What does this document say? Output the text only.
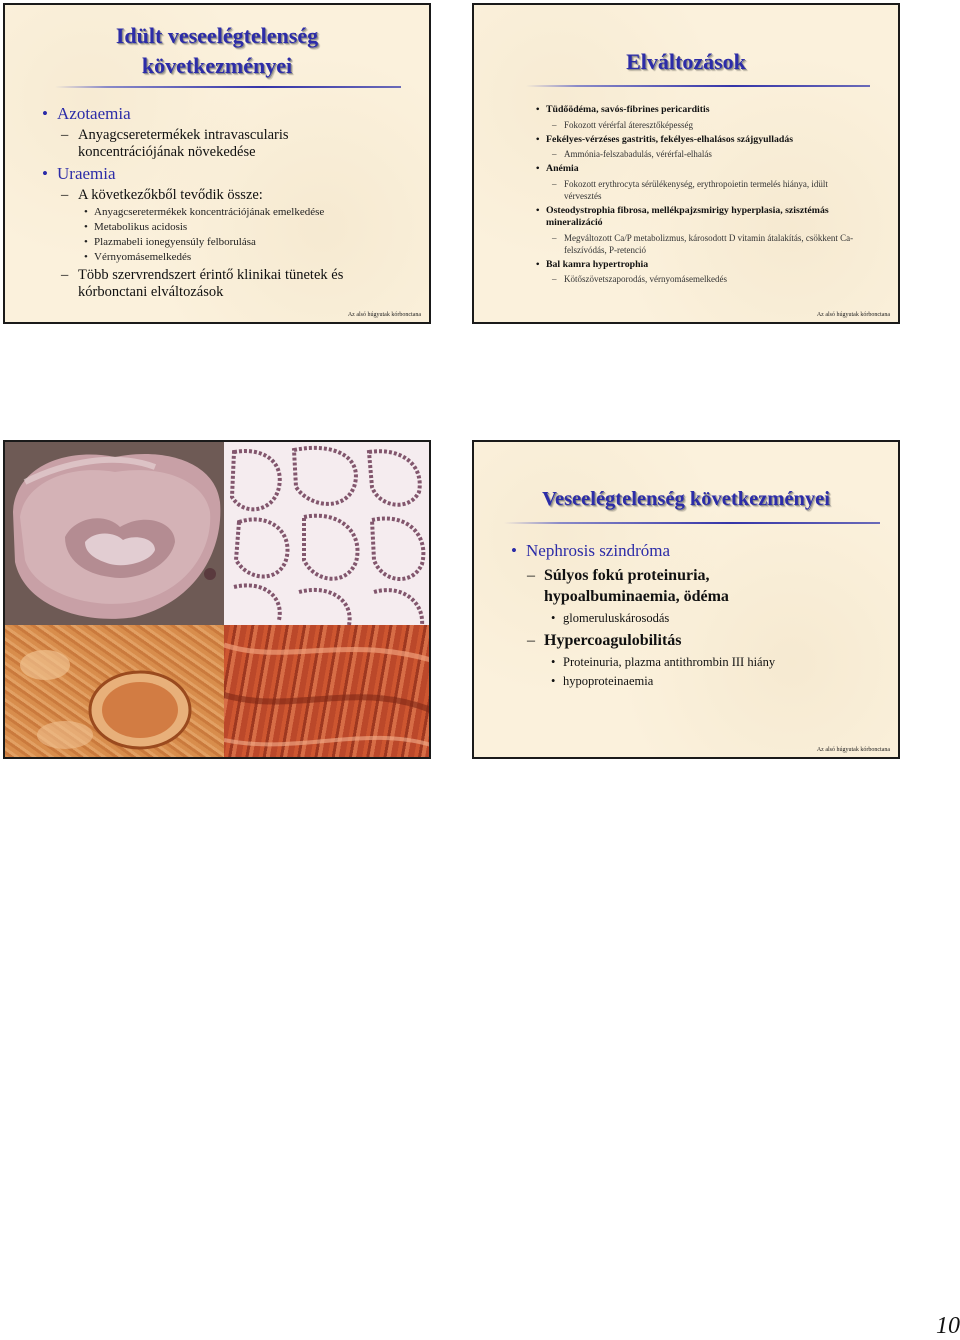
Idült veseelégtelenség
következményei
• Azotaemia
– Anyagcseretermékek intravascularis koncentrációjának növekedése
• Uraemia
– A következőkből tevődik össze:
• Anyagcseretermékek koncentrációjának emelkedése
• Metabolikus acidosis
• Plazmabeli ionegyensúly felborulása
• Vérnyomásemelkedés
– Több szervrendszert érintő klinikai tünetek és kórbonctani elváltozások
Az alsó húgyutak kórbonctana
Elváltozások
• Tüdőödéma, savós-fibrines pericarditis
– Fokozott vérérfal áteresztőképesség
• Fekélyes-vérzéses gastritis, fekélyes-elhalásos szájgyulladás
– Ammónia-felszabadulás, vérérfal-elhalás
• Anémia
– Fokozott erythrocyta sérülékenység, erythropoietin termelés hiánya, idült vérvesztés
• Osteodystrophia fibrosa, mellékpajzsmirigy hyperplasia, szisztémás mineralizáció
– Megváltozott Ca/P metabolizmus, károsodott D vitamin átalakítás, csökkent Ca-felszívódás, P-retenció
• Bal kamra hypertrophia
– Kötőszövetszaporodás, vérnyomásemelkedés
Az alsó húgyutak kórbonctana
Veseelégtelenség következményei
• Nephrosis szindróma
– Súlyos fokú proteinuria, hypoalbuminaemia, ödéma
• glomeruluskárosodás
– Hypercoagulobilitás
• Proteinuria, plazma antithrombin III hiány
• hypoproteinaemia
Az alsó húgyutak kórbonctana
10
